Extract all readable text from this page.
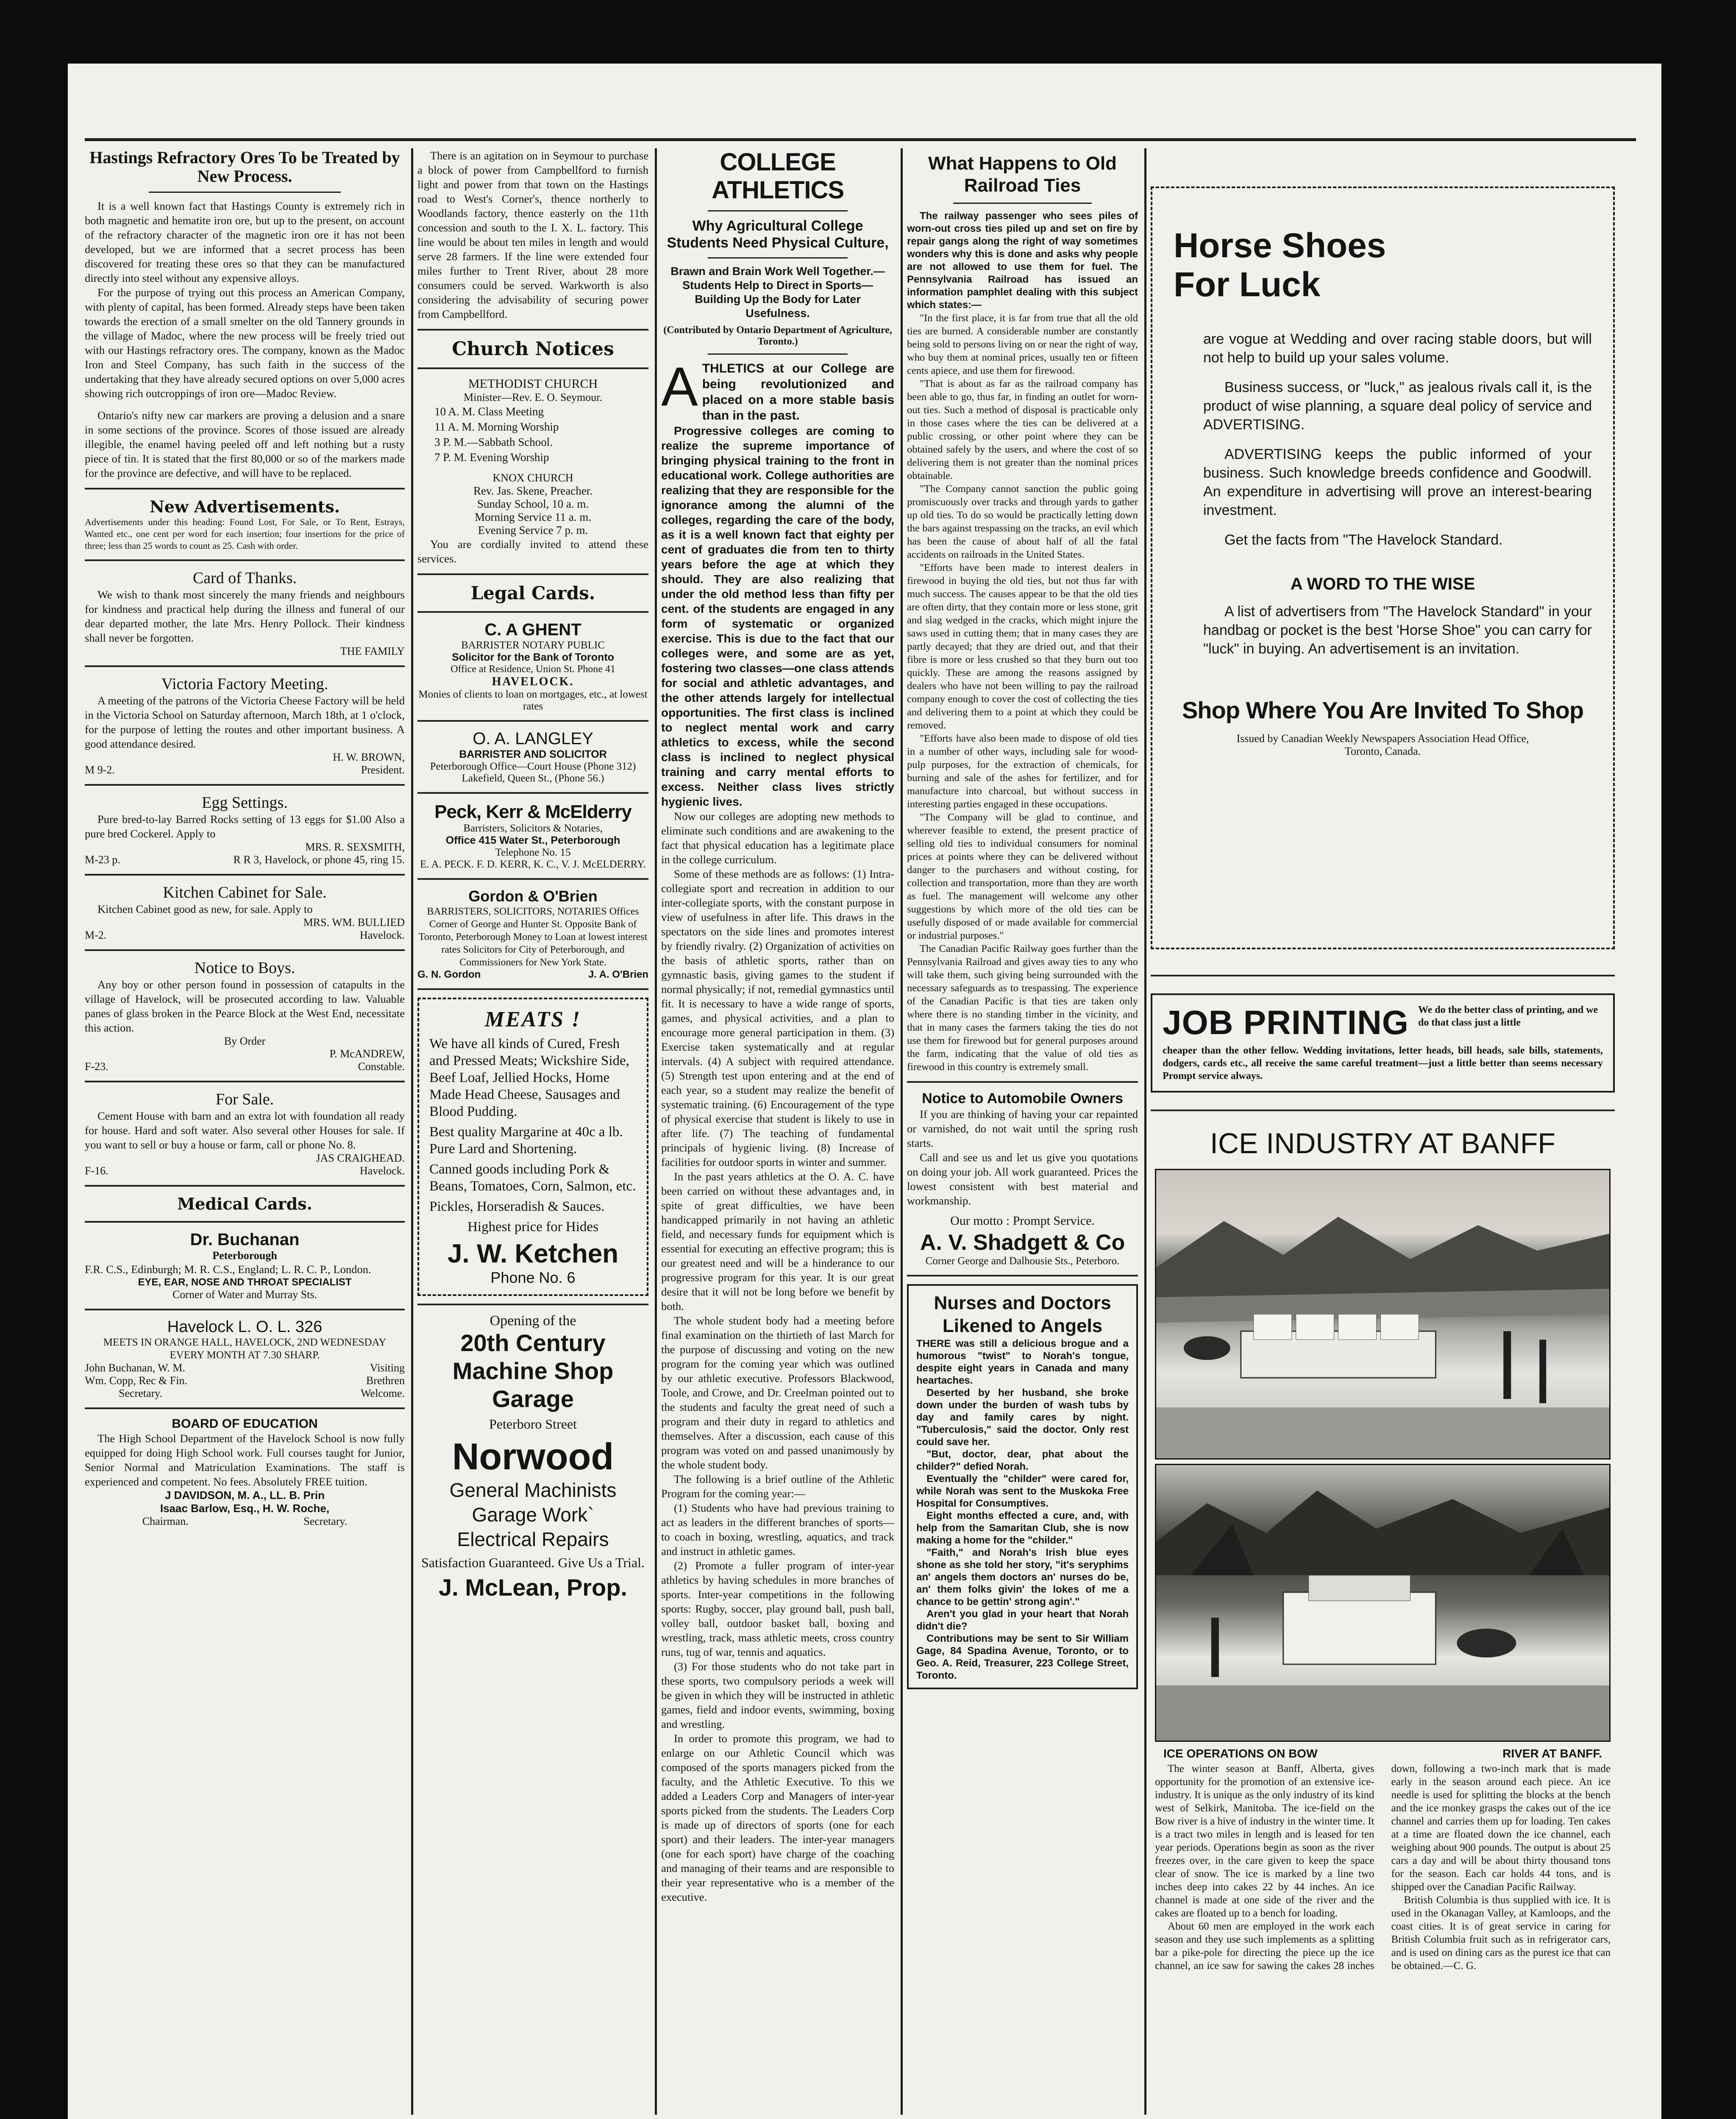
Hastings Refractory Ores To be Treated by New Process.

It is a well known fact that Hastings County is extremely rich in both magnetic and hematite iron ore, but up to the present, on account of the refractory character of the magnetic iron ore it has not been developed, but we are informed that a secret process has been discovered for treating these ores so that they can be manufactured directly into steel without any expensive alloys.

For the purpose of trying out this process an American Company, with plenty of capital, has been formed. Already steps have been taken towards the erection of a small smelter on the old Tannery grounds in the village of Madoc, where the new process will be freely tried out with our Hastings refractory ores. The company, known as the Madoc Iron and Steel Company, has such faith in the success of the undertaking that they have already secured options on over 5,000 acres showing rich outcroppings of iron ore—Madoc Review.

Ontario's nifty new car markers are proving a delusion and a snare in some sections of the province. Scores of those issued are already illegible, the enamel having peeled off and left nothing but a rusty piece of tin. It is stated that the first 80,000 or so of the markers made for the province are defective, and will have to be replaced.

New Advertisements.

Advertisements under this heading: Found Lost, For Sale, or To Rent, Estrays, Wanted etc., one cent per word for each insertion; four insertions for the price of three; less than 25 words to count as 25. Cash with order.

Card of Thanks.

We wish to thank most sincerely the many friends and neighbours for kindness and practical help during the illness and funeral of our dear departed mother, the late Mrs. Henry Pollock. Their kindness shall never be forgotten.

THE FAMILY

Victoria Factory Meeting.

A meeting of the patrons of the Victoria Cheese Factory will be held in the Victoria School on Saturday afternoon, March 18th, at 1 o'clock, for the purpose of letting the routes and other important business. A good attendance desired.

H. W. BROWN,

M 9-2.	President.
Egg Settings.

Pure bred-to-lay Barred Rocks setting of 13 eggs for $1.00 Also a pure bred Cockerel. Apply to

MRS. R. SEXSMITH,

M-23 p.	R R 3, Havelock, or phone 45, ring 15.
Kitchen Cabinet for Sale.

Kitchen Cabinet good as new, for sale. Apply to

MRS. WM. BULLIED

M-2.	Havelock.
Notice to Boys.

Any boy or other person found in possession of catapults in the village of Havelock, will be prosecuted according to law. Valuable panes of glass broken in the Pearce Block at the West End, necessitate this action.

By Order

P. McANDREW,

F-23.	Constable.
For Sale.

Cement House with barn and an extra lot with foundation all ready for house. Hard and soft water. Also several other Houses for sale. If you want to sell or buy a house or farm, call or phone No. 8.

JAS CRAIGHEAD.

F-16.	Havelock.
Medical Cards.
Dr. Buchanan

Peterborough

F.R. C.S., Edinburgh; M. R. C.S., England; L. R. C. P., London.

EYE, EAR, NOSE AND THROAT SPECIALIST

Corner of Water and Murray Sts.

Havelock L. O. L. 326

MEETS IN ORANGE HALL, HAVELOCK, 2ND WEDNESDAY EVERY MONTH AT 7.30 SHARP.

John Buchanan, W. M.	Visiting
Wm. Copp, Rec & Fin.	Brethren
Secretary.	Welcome.
BOARD OF EDUCATION

The High School Department of the Havelock School is now fully equipped for doing High School work. Full courses taught for Junior, Senior Normal and Matriculation Examinations. The staff is experienced and competent. No fees. Absolutely FREE tuition.

J DAVIDSON, M. A., LL. B. Prin

Isaac Barlow, Esq., H. W. Roche,

Chairman.	Secretary.

There is an agitation on in Seymour to purchase a block of power from Campbellford to furnish light and power from that town on the Hastings road to West's Corner's, thence northerly to Woodlands factory, thence easterly on the 11th concession and south to the I. X. L. factory. This line would be about ten miles in length and would serve 28 farmers. If the line were extended four miles further to Trent River, about 28 more consumers could be served. Warkworth is also considering the advisability of securing power from Campbellford.

Church Notices

METHODIST CHURCH

Minister—Rev. E. O. Seymour.

10 A. M. Class Meeting
11 A. M. Morning Worship
3 P. M.—Sabbath School.
7 P. M. Evening Worship

KNOX CHURCH

Rev. Jas. Skene, Preacher.

Sunday School, 10 a. m.

Morning Service 11 a. m.

Evening Service 7 p. m.

You are cordially invited to attend these services.

Legal Cards.
C. A GHENT

BARRISTER NOTARY PUBLIC

Solicitor for the Bank of Toronto

Office at Residence, Union St. Phone 41

HAVELOCK.

Monies of clients to loan on mortgages, etc., at lowest rates

O. A. LANGLEY

BARRISTER AND SOLICITOR

Peterborough Office—Court House (Phone 312)

Lakefield, Queen St., (Phone 56.)

Peck, Kerr & McElderry

Barristers, Solicitors & Notaries,

Office 415 Water St., Peterborough

Telephone No. 15

E. A. PECK. F. D. KERR, K. C., V. J. McELDERRY.

Gordon & O'Brien

BARRISTERS, SOLICITORS, NOTARIES Offices Corner of George and Hunter St. Opposite Bank of Toronto, Peterborough Money to Loan at lowest interest rates Solicitors for City of Peterborough, and Commissioners for New York State.

G. N. Gordon	J. A. O'Brien
MEATS !

We have all kinds of Cured, Fresh and Pressed Meats; Wickshire Side, Beef Loaf, Jellied Hocks, Home Made Head Cheese, Sausages and Blood Pudding.

Best quality Margarine at 40c a lb. Pure Lard and Shortening.

Canned goods including Pork & Beans, Tomatoes, Corn, Salmon, etc.

Pickles, Horseradish & Sauces.

Highest price for Hides

J. W. Ketchen

Phone No. 6

Opening of the

20th Century
Machine Shop
Garage

Peterboro Street

Norwood
General Machinists
Garage Work`
Electrical Repairs

Satisfaction Guaranteed. Give Us a Trial.

J. McLean, Prop.
COLLEGE ATHLETICS

Why Agricultural College Students Need Physical Culture,

Brawn and Brain Work Well Together.—Students Help to Direct in Sports—Building Up the Body for Later Usefulness.

(Contributed by Ontario Department of Agriculture, Toronto.)

A THLETICS at our College are being revolutionized and placed on a more stable basis than in the past.

Progressive colleges are coming to realize the supreme importance of bringing physical training to the front in educational work. College authorities are realizing that they are responsible for the ignorance among the alumni of the colleges, regarding the care of the body, as it is a well known fact that eighty per cent of graduates die from ten to thirty years before the age at which they should. They are also realizing that under the old method less than fifty per cent. of the students are engaged in any form of systematic or organized exercise. This is due to the fact that our colleges were, and some are as yet, fostering two classes—one class attends for social and athletic advantages, and the other attends largely for intellectual opportunities. The first class is inclined to neglect mental work and carry athletics to excess, while the second class is inclined to neglect physical training and carry mental efforts to excess. Neither class lives strictly hygienic lives.

Now our colleges are adopting new methods to eliminate such conditions and are awakening to the fact that physical education has a legitimate place in the college curriculum.

Some of these methods are as follows: (1) Intra-collegiate sport and recreation in addition to our inter-collegiate sports, with the constant purpose in view of usefulness in after life. This draws in the spectators on the side lines and promotes interest by friendly rivalry. (2) Organization of activities on the basis of athletic sports, rather than on gymnastic basis, giving games to the student if normal physically; if not, remedial gymnastics until fit. It is necessary to have a wide range of sports, games, and physical activities, and a plan to encourage more general participation in them. (3) Exercise taken systematically and at regular intervals. (4) A subject with required attendance. (5) Strength test upon entering and at the end of each year, so a student may realize the benefit of systematic training. (6) Encouragement of the type of physical exercise that student is likely to use in after life. (7) The teaching of fundamental principals of hygienic living. (8) Increase of facilities for outdoor sports in winter and summer.

In the past years athletics at the O. A. C. have been carried on without these advantages and, in spite of great difficulties, we have been handicapped primarily in not having an athletic field, and necessary funds for equipment which is essential for executing an effective program; this is our greatest need and will be a hinderance to our progressive program for this year. It is our great desire that it will not be long before we benefit by both.

The whole student body had a meeting before final examination on the thirtieth of last March for the purpose of discussing and voting on the new program for the coming year which was outlined by our athletic executive. Professors Blackwood, Toole, and Crowe, and Dr. Creelman pointed out to the students and faculty the great need of such a program and their duty in regard to athletics and themselves. After a discussion, each cause of this program was voted on and passed unanimously by the whole student body.

The following is a brief outline of the Athletic Program for the coming year:—

(1) Students who have had previous training to act as leaders in the different branches of sports—to coach in boxing, wrestling, aquatics, and track and instruct in athletic games.

(2) Promote a fuller program of inter-year athletics by having schedules in more branches of sports. Inter-year competitions in the following sports: Rugby, soccer, play ground ball, push ball, volley ball, outdoor basket ball, boxing and wrestling, track, mass athletic meets, cross country runs, tug of war, tennis and aquatics.

(3) For those students who do not take part in these sports, two compulsory periods a week will be given in which they will be instructed in athletic games, field and indoor events, swimming, boxing and wrestling.

In order to promote this program, we had to enlarge on our Athletic Council which was composed of the sports managers picked from the faculty, and the Athletic Executive. To this we added a Leaders Corp and Managers of inter-year sports picked from the students. The Leaders Corp is made up of directors of sports (one for each sport) and their leaders. The inter-year managers (one for each sport) have charge of the coaching and managing of their teams and are responsible to their year representative who is a member of the executive.

What Happens to Old Railroad Ties

The railway passenger who sees piles of worn-out cross ties piled up and set on fire by repair gangs along the right of way sometimes wonders why this is done and asks why people are not allowed to use them for fuel. The Pennsylvania Railroad has issued an information pamphlet dealing with this subject which states:—

"In the first place, it is far from true that all the old ties are burned. A considerable number are constantly being sold to persons living on or near the right of way, who buy them at nominal prices, usually ten or fifteen cents apiece, and use them for firewood.

"That is about as far as the railroad company has been able to go, thus far, in finding an outlet for worn-out ties. Such a method of disposal is practicable only in those cases where the ties can be delivered at a public crossing, or other point where they can be obtained safely by the users, and where the cost of so delivering them is not greater than the nominal prices obtainable.

"The Company cannot sanction the public going promiscuously over tracks and through yards to gather up old ties. To do so would be practically letting down the bars against trespassing on the tracks, an evil which has been the cause of about half of all the fatal accidents on railroads in the United States.

"Efforts have been made to interest dealers in firewood in buying the old ties, but not thus far with much success. The causes appear to be that the old ties are often dirty, that they contain more or less stone, grit and slag wedged in the cracks, which might injure the saws used in cutting them; that in many cases they are partly decayed; that they are dried out, and that their fibre is more or less crushed so that they burn out too quickly. These are among the reasons assigned by dealers who have not been willing to pay the railroad company enough to cover the cost of collecting the ties and delivering them to a point at which they could be removed.

"Efforts have also been made to dispose of old ties in a number of other ways, including sale for wood-pulp purposes, for the extraction of chemicals, for burning and sale of the ashes for fertilizer, and for manufacture into charcoal, but without success in interesting parties engaged in these occupations.

"The Company will be glad to continue, and wherever feasible to extend, the present practice of selling old ties to individual consumers for nominal prices at points where they can be delivered without danger to the purchasers and without costing, for collection and transportation, more than they are worth as fuel. The management will welcome any other suggestions by which more of the old ties can be usefully disposed of or made available for commercial or industrial purposes."

The Canadian Pacific Railway goes further than the Pennsylvania Railroad and gives away ties to any who will take them, such giving being surrounded with the necessary safeguards as to trespassing. The experience of the Canadian Pacific is that ties are taken only where there is no standing timber in the vicinity, and that in many cases the farmers taking the ties do not use them for firewood but for general purposes around the farm, indicating that the value of old ties as firewood in this country is extremely small.

Notice to Automobile Owners

If you are thinking of having your car repainted or varnished, do not wait until the spring rush starts.

Call and see us and let us give you quotations on doing your job. All work guaranteed. Prices the lowest consistent with best material and workmanship.

Our motto : Prompt Service.

A. V. Shadgett & Co

Corner George and Dalhousie Sts., Peterboro.

Nurses and Doctors Likened to Angels

THERE was still a delicious brogue and a humorous "twist" to Norah's tongue, despite eight years in Canada and many heartaches.

Deserted by her husband, she broke down under the burden of wash tubs by day and family cares by night. "Tuberculosis," said the doctor. Only rest could save her.

"But, doctor, dear, phat about the childer?" defied Norah.

Eventually the "childer" were cared for, while Norah was sent to the Muskoka Free Hospital for Consumptives.

Eight months effected a cure, and, with help from the Samaritan Club, she is now making a home for the "childer."

"Faith," and Norah's Irish blue eyes shone as she told her story, "it's seryphims an' angels them doctors an' nurses do be, an' them folks givin' the lokes of me a chance to be gettin' strong agin'."

Aren't you glad in your heart that Norah didn't die?

Contributions may be sent to Sir William Gage, 84 Spadina Avenue, Toronto, or to Geo. A. Reid, Treasurer, 223 College Street, Toronto.

Horse Shoes For Luck

are vogue at Wedding and over racing stable doors, but will not help to build up your sales volume.

Business success, or "luck," as jealous rivals call it, is the product of wise planning, a square deal policy of service and ADVERTISING.

ADVERTISING keeps the public informed of your business. Such knowledge breeds confidence and Goodwill. An expenditure in advertising will prove an interest-bearing investment.

Get the facts from "The Havelock Standard.

A WORD TO THE WISE

A list of advertisers from "The Havelock Standard" in your handbag or pocket is the best 'Horse Shoe" you can carry for "luck" in buying. An advertisement is an invitation.

Shop Where You Are Invited To Shop

Issued by Canadian Weekly Newspapers Association Head Office, Toronto, Canada.

JOB PRINTING We do the better class of printing, and we do that class just a little

cheaper than the other fellow. Wedding invitations, letter heads, bill heads, sale bills, statements, dodgers, cards etc., all receive the same careful treatment—just a little better than seems necessary Prompt service always.

ICE INDUSTRY AT BANFF
ICE OPERATIONS ON BOW	RIVER AT BANFF.

The winter season at Banff, Alberta, gives opportunity for the promotion of an extensive ice-industry. It is unique as the only industry of its kind west of Selkirk, Manitoba. The ice-field on the Bow river is a hive of industry in the winter time. It is a tract two miles in length and is leased for ten year periods. Operations begin as soon as the river freezes over, in the care given to keep the space clear of snow. The ice is marked by a line two inches deep into cakes 22 by 44 inches. An ice channel is made at one side of the river and the cakes are floated up to a bench for loading.

About 60 men are employed in the work each season and they use such implements as a splitting bar a pike-pole for directing the piece up the ice channel, an ice saw for sawing the cakes 28 inches down, following a two-inch mark that is made early in the season around each piece. An ice needle is used for splitting the blocks at the bench and the ice monkey grasps the cakes out of the ice channel and carries them up for loading. Ten cakes at a time are floated down the ice channel, each weighing about 900 pounds. The output is about 25 cars a day and will be about thirty thousand tons for the season. Each car holds 44 tons, and is shipped over the Canadian Pacific Railway.

British Columbia is thus supplied with ice. It is used in the Okanagan Valley, at Kamloops, and the coast cities. It is of great service in caring for British Columbia fruit such as in refrigerator cars, and is used on dining cars as the purest ice that can be obtained.—C. G.
